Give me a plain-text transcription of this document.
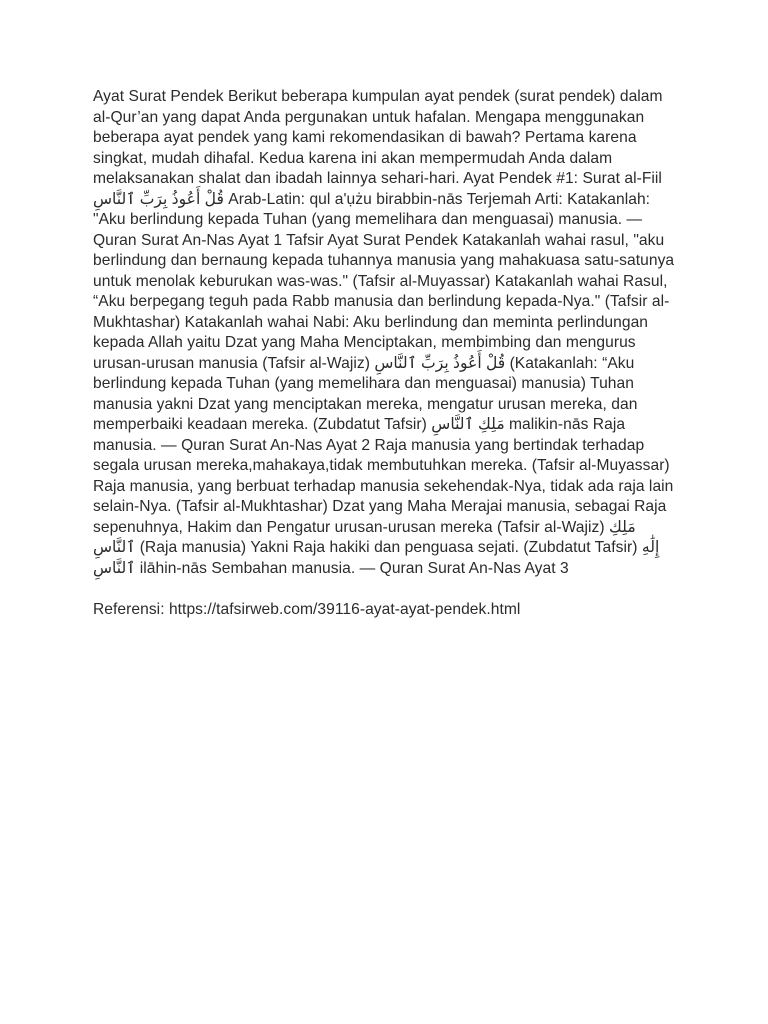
Ayat Surat Pendek Berikut beberapa kumpulan ayat pendek (surat pendek) dalam al-Qur’an yang dapat Anda pergunakan untuk hafalan. Mengapa menggunakan beberapa ayat pendek yang kami rekomendasikan di bawah? Pertama karena singkat, mudah dihafal. Kedua karena ini akan mempermudah Anda dalam melaksanakan shalat dan ibadah lainnya sehari-hari. Ayat Pendek #1: Surat al-Fiil قُلْ أَعُوذُ بِرَبِّ ٱلنَّاسِ Arab-Latin: qul a'ụżu birabbin-nās Terjemah Arti: Katakanlah: "Aku berlindung kepada Tuhan (yang memelihara dan menguasai) manusia. — Quran Surat An-Nas Ayat 1 Tafsir Ayat Surat Pendek Katakanlah wahai rasul, "aku berlindung dan bernaung kepada tuhannya manusia yang mahakuasa satu-satunya untuk menolak keburukan was-was." (Tafsir al-Muyassar) Katakanlah wahai Rasul, “Aku berpegang teguh pada Rabb manusia dan berlindung kepada-Nya." (Tafsir al-Mukhtashar) Katakanlah wahai Nabi: Aku berlindung dan meminta perlindungan kepada Allah yaitu Dzat yang Maha Menciptakan, membimbing dan mengurus urusan-urusan manusia (Tafsir al-Wajiz) قُلْ أَعُوذُ بِرَبِّ ٱلنَّاسِ (Katakanlah: “Aku berlindung kepada Tuhan (yang memelihara dan menguasai) manusia) Tuhan manusia yakni Dzat yang menciptakan mereka, mengatur urusan mereka, dan memperbaiki keadaan mereka. (Zubdatut Tafsir) مَلِكِ ٱلنَّاسِ malikin-nās Raja manusia. — Quran Surat An-Nas Ayat 2 Raja manusia yang bertindak terhadap segala urusan mereka,mahakaya,tidak membutuhkan mereka. (Tafsir al-Muyassar) Raja manusia, yang berbuat terhadap manusia sekehendak-Nya, tidak ada raja lain selain-Nya. (Tafsir al-Mukhtashar) Dzat yang Maha Merajai manusia, sebagai Raja sepenuhnya, Hakim dan Pengatur urusan-urusan mereka (Tafsir al-Wajiz) مَلِكِ ٱلنَّاسِ (Raja manusia) Yakni Raja hakiki dan penguasa sejati. (Zubdatut Tafsir) إِلَٰهِ ٱلنَّاسِ ilāhin-nās Sembahan manusia. — Quran Surat An-Nas Ayat 3

Referensi: https://tafsirweb.com/39116-ayat-ayat-pendek.html
